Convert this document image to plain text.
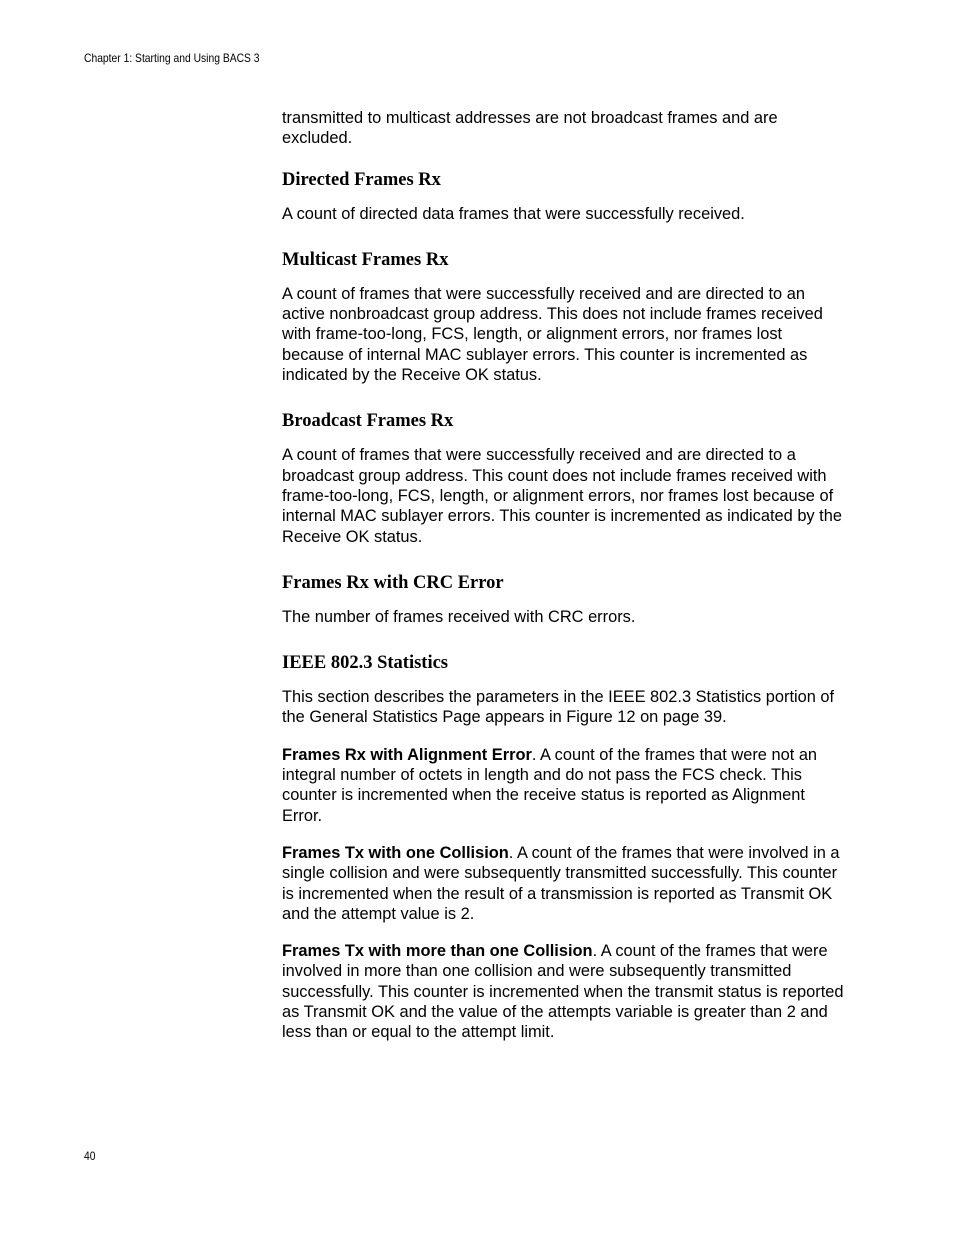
Chapter 1: Starting and Using BACS 3

transmitted to multicast addresses are not broadcast frames and are excluded.

Directed Frames Rx

A count of directed data frames that were successfully received.

Multicast Frames Rx

A count of frames that were successfully received and are directed to an active nonbroadcast group address. This does not include frames received with frame-too-long, FCS, length, or alignment errors, nor frames lost because of internal MAC sublayer errors. This counter is incremented as indicated by the Receive OK status.

Broadcast Frames Rx

A count of frames that were successfully received and are directed to a broadcast group address. This count does not include frames received with frame-too-long, FCS, length, or alignment errors, nor frames lost because of internal MAC sublayer errors. This counter is incremented as indicated by the Receive OK status.

Frames Rx with CRC Error

The number of frames received with CRC errors.

IEEE 802.3 Statistics

This section describes the parameters in the IEEE 802.3 Statistics portion of the General Statistics Page appears in Figure 12 on page 39.

Frames Rx with Alignment Error. A count of the frames that were not an integral number of octets in length and do not pass the FCS check. This counter is incremented when the receive status is reported as Alignment Error.

Frames Tx with one Collision. A count of the frames that were involved in a single collision and were subsequently transmitted successfully. This counter is incremented when the result of a transmission is reported as Transmit OK and the attempt value is 2.

Frames Tx with more than one Collision. A count of the frames that were involved in more than one collision and were subsequently transmitted successfully. This counter is incremented when the transmit status is reported as Transmit OK and the value of the attempts variable is greater than 2 and less than or equal to the attempt limit.

40
